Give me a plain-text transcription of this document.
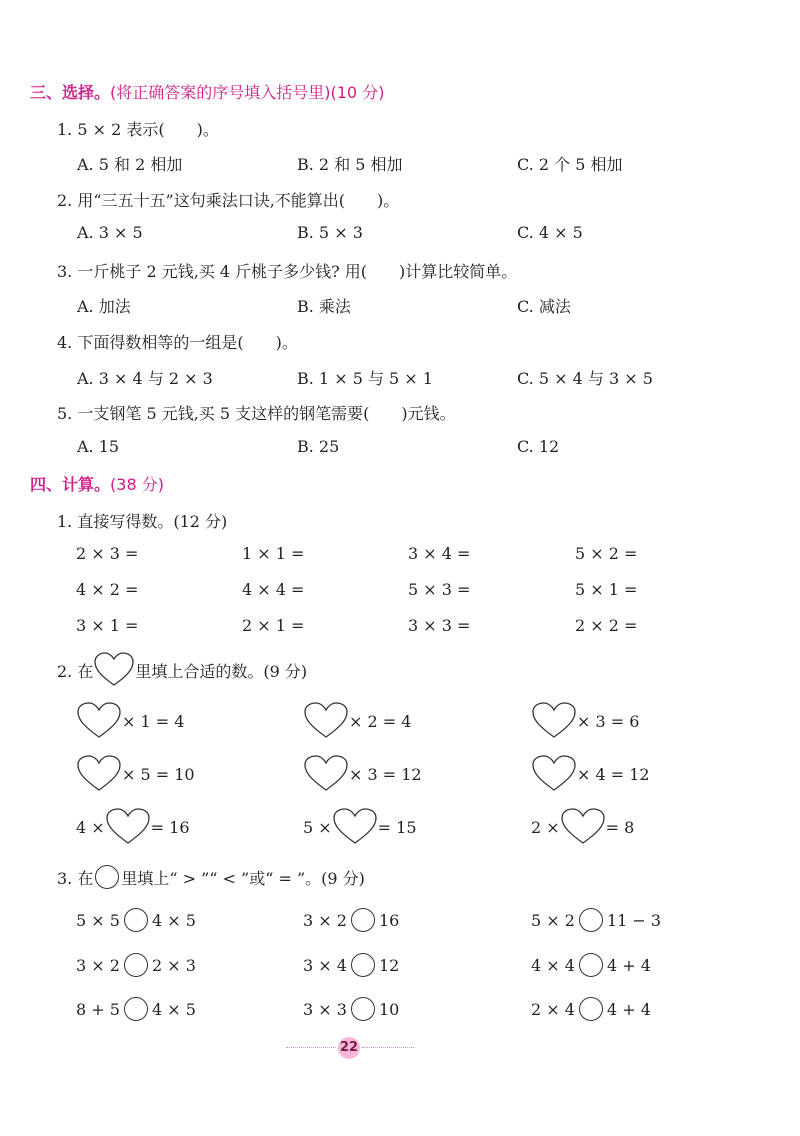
三、选择。(将正确答案的序号填入括号里)(10 分)
1. 5 × 2 表示(　　)。
A. 5 和 2 相加	B. 2 和 5 相加	C. 2 个 5 相加
2. 用“三五十五”这句乘法口诀,不能算出(　　)。
A. 3 × 5	B. 5 × 3	C. 4 × 5
3. 一斤桃子 2 元钱,买 4 斤桃子多少钱? 用(　　)计算比较简单。
A. 加法	B. 乘法	C. 减法
4. 下面得数相等的一组是(　　)。
A. 3 × 4 与 2 × 3	B. 1 × 5 与 5 × 1	C. 5 × 4 与 3 × 5
5. 一支钢笔 5 元钱,买 5 支这样的钢笔需要(　　)元钱。
A. 15	B. 25	C. 12
四、计算。(38 分)
1. 直接写得数。(12 分)
2 × 3 =	1 × 1 =	3 × 4 =	5 × 2 =
4 × 2 =	4 × 4 =	5 × 3 =	5 × 1 =
3 × 1 =	2 × 1 =	3 × 3 =	2 × 2 =
2. 在	里填上合适的数。(9 分)
× 1 = 4	× 2 = 4	× 3 = 6
× 5 = 10	× 3 = 12	× 4 = 12
4 ×	= 16	5 ×	= 15	2 ×	= 8
3. 在 里填上“ > ”“ < ”或“ = ”。(9 分)
5 × 5 4 × 5	3 × 2 16	5 × 2 11 − 3
3 × 2 2 × 3	3 × 4 12	4 × 4 4 + 4
8 + 5 4 × 5	3 × 3 10	2 × 4 4 + 4
22
